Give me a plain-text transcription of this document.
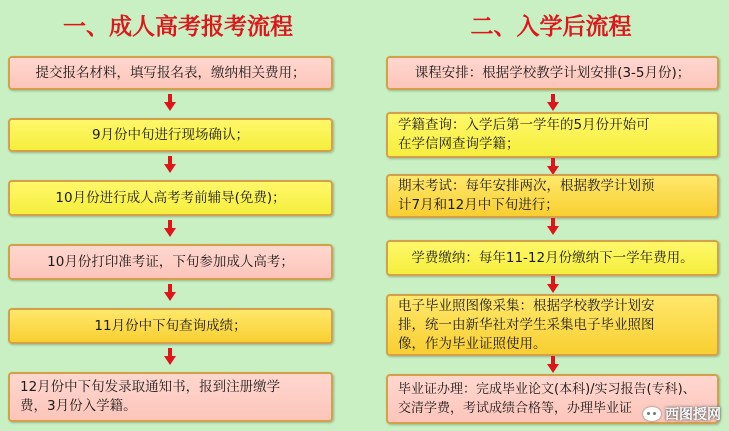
一、成人高考报考流程	二、入学后流程
提交报名材料，填写报名表，缴纳相关费用；
9月份中旬进行现场确认；
10月份进行成人高考考前辅导(免费)；
10月份打印准考证，下旬参加成人高考；
11月份中下旬查询成绩；
12月份中下旬发录取通知书，报到注册缴学
费，3月份入学籍。
课程安排：根据学校教学计划安排(3-5月份)；
学籍查询：入学后第一学年的5月份开始可
在学信网查询学籍；
期末考试：每年安排两次，根据教学计划预
计7月和12月中下旬进行；
学费缴纳：每年11-12月份缴纳下一学年费用。
电子毕业照图像采集：根据学校教学计划安
排，统一由新华社对学生采集电子毕业照图
像，作为毕业证照使用。
毕业证办理：完成毕业论文(本科)/实习报告(专科)、
交清学费，考试成绩合格等，办理毕业证	西图授网
